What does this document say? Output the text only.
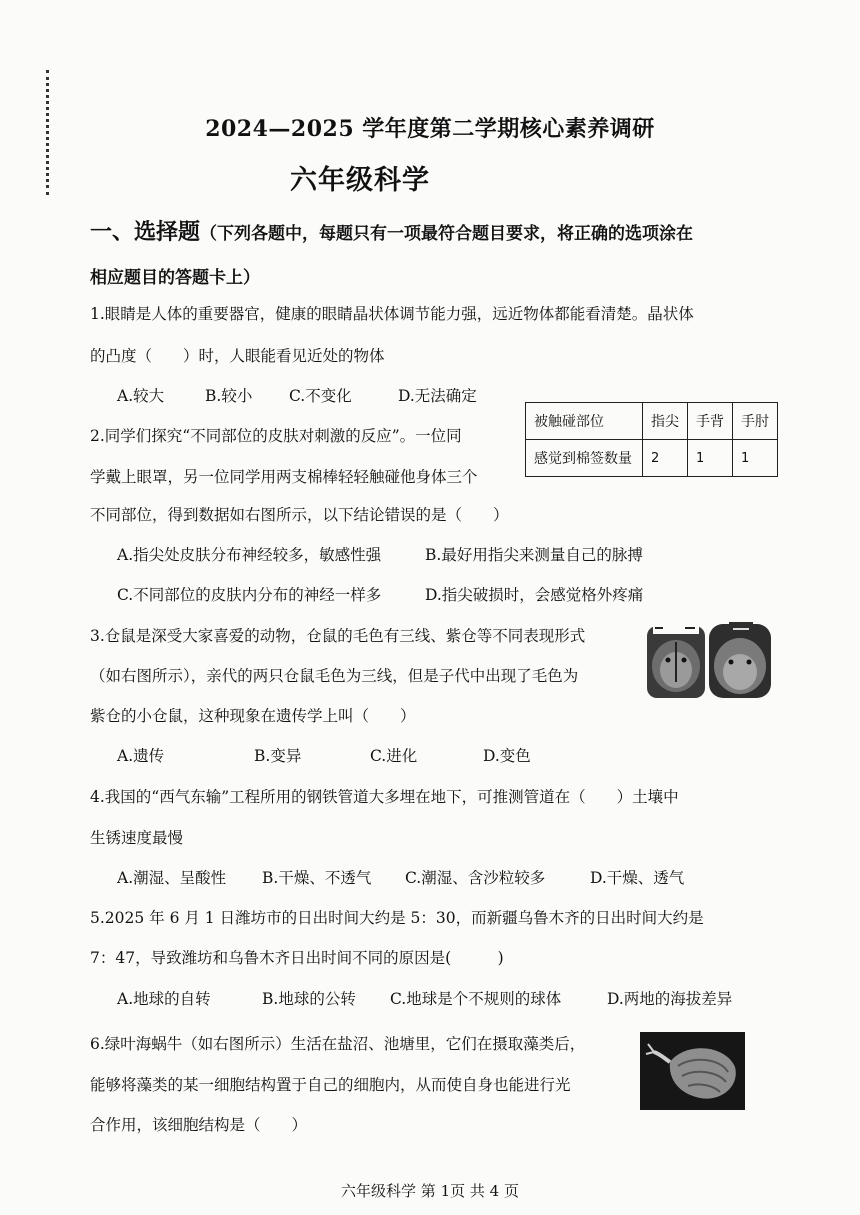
2024—2025 学年度第二学期核心素养调研
六年级科学
一、选择题（下列各题中，每题只有一项最符合题目要求，将正确的选项涂在
相应题目的答题卡上）
1.眼睛是人体的重要器官，健康的眼睛晶状体调节能力强，远近物体都能看清楚。晶状体
的凸度（　　）时，人眼能看见近处的物体
A.较大	B.较小 C.不变化	D.无法确定
2.同学们探究“不同部位的皮肤对刺激的反应”。一位同
学戴上眼罩，另一位同学用两支棉棒轻轻触碰他身体三个
不同部位，得到数据如右图所示，以下结论错误的是（　　）
被触碰部位	指尖	手背	手肘
感觉到棉签数量	2	1	1
A.指尖处皮肤分布神经较多，敏感性强	B.最好用指尖来测量自己的脉搏
C.不同部位的皮肤内分布的神经一样多	D.指尖破损时，会感觉格外疼痛
3.仓鼠是深受大家喜爱的动物，仓鼠的毛色有三线、紫仓等不同表现形式
（如右图所示），亲代的两只仓鼠毛色为三线，但是子代中出现了毛色为
紫仓的小仓鼠，这种现象在遗传学上叫（　　）
A.遗传	B.变异	C.进化	D.变色
4.我国的“西气东输”工程所用的钢铁管道大多埋在地下，可推测管道在（　　）土壤中
生锈速度最慢
A.潮湿、呈酸性 B.干燥、不透气 C.潮湿、含沙粒较多	D.干燥、透气
5.2025 年 6 月 1 日潍坊市的日出时间大约是 5：30，而新疆乌鲁木齐的日出时间大约是
7：47，导致潍坊和乌鲁木齐日出时间不同的原因是(　　　)
A.地球的自转	B.地球的公转 C.地球是个不规则的球体	D.两地的海拔差异
6.绿叶海蜗牛（如右图所示）生活在盐沼、池塘里，它们在摄取藻类后，
能够将藻类的某一细胞结构置于自己的细胞内，从而使自身也能进行光
合作用，该细胞结构是（　　）
六年级科学 第 1页 共 4 页
